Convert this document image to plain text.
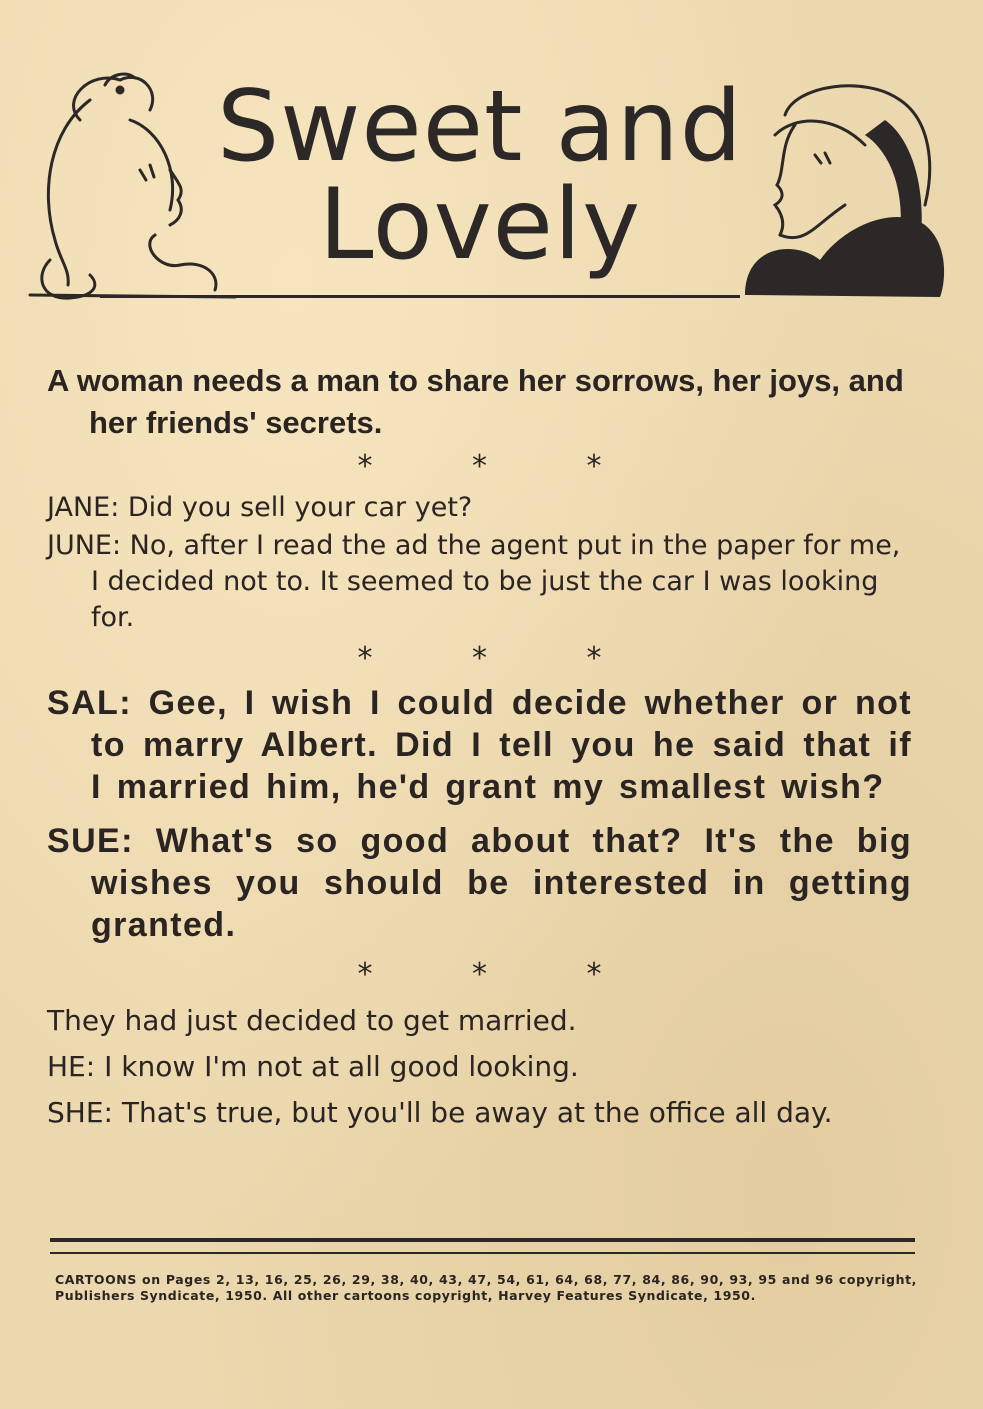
Sweet and
Lovely

A woman needs a man to share her sorrows, her joys, and her friends' secrets.

* * *

JANE: Did you sell your car yet?

JUNE: No, after I read the ad the agent put in the paper for me, I decided not to. It seemed to be just the car I was looking for.

* * *

SAL: Gee, I wish I could decide whether or not to marry Albert. Did I tell you he said that if I married him, he'd grant my smallest wish?

SUE: What's so good about that? It's the big wishes you should be interested in getting granted.

* * *

They had just decided to get married.

HE: I know I'm not at all good looking.

SHE: That's true, but you'll be away at the office all day.

CARTOONS on Pages 2, 13, 16, 25, 26, 29, 38, 40, 43, 47, 54, 61, 64, 68, 77, 84, 86, 90, 93, 95 and 96 copyright, Publishers Syndicate, 1950. All other cartoons copyright, Harvey Features Syndicate, 1950.
